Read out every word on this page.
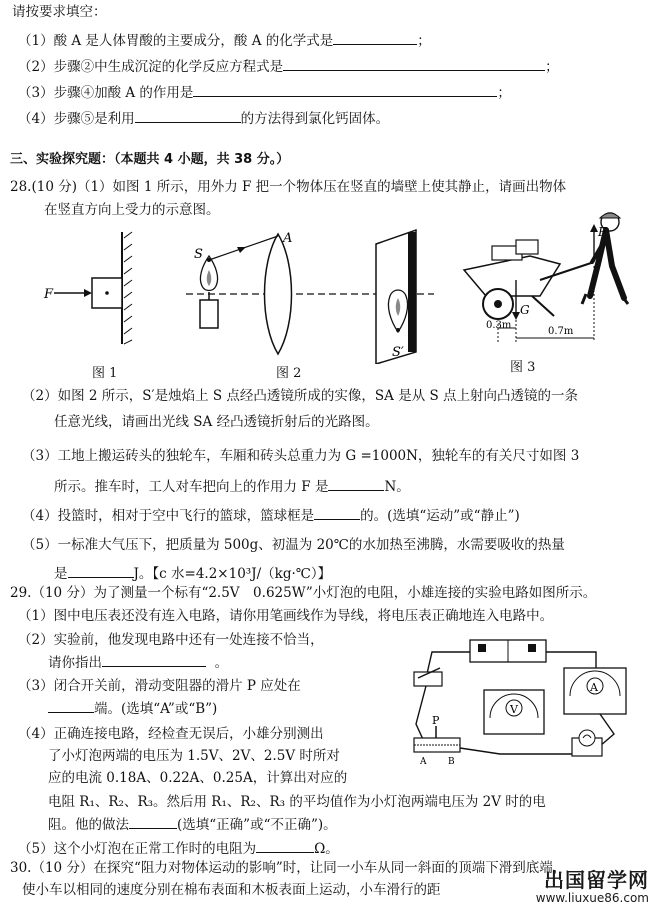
请按要求填空：
（1）酸 A 是人体胃酸的主要成分，酸 A 的化学式是	；
（2）步骤②中生成沉淀的化学反应方程式是	；
（3）步骤④加酸 A 的作用是	；
（4）步骤⑤是利用	的方法得到氯化钙固体。
三、实验探究题：（本题共 4 小题，共 38 分。）
28.(10 分)（1）如图 1 所示，用外力 F 把一个物体压在竖直的墙壁上使其静止，请画出物体
在竖直方向上受力的示意图。
F
图 1
S
A
S′
图 2
G
F
0.3m
0.7m
图 3
（2）如图 2 所示，S′是烛焰上 S 点经凸透镜所成的实像，SA 是从 S 点上射向凸透镜的一条
任意光线，请画出光线 SA 经凸透镜折射后的光路图。
（3）工地上搬运砖头的独轮车，车厢和砖头总重力为 G =1000N，独轮车的有关尺寸如图 3
所示。推车时，工人对车把向上的作用力 F 是	N。
（4）投篮时，相对于空中飞行的篮球，篮球框是	的。(选填“运动”或“静止”)
（5）一标准大气压下，把质量为 500g、初温为 20℃的水加热至沸腾，水需要吸收的热量
是	J。【c 水=4.2×10³J/（kg·℃）】
29.（10 分）为了测量一个标有“2.5V　0.625W”小灯泡的电阻，小雄连接的实验电路如图所示。
（1）图中电压表还没有连入电路，请你用笔画线作为导线，将电压表正确地连入电路中。
（2）实验前，他发现电路中还有一处连接不恰当，
请你指出	。
（3）闭合开关前，滑动变阻器的滑片 P 应处在
端。(选填“A”或“B”)
（4）正确连接电路，经检查无误后，小雄分别测出
了小灯泡两端的电压为 1.5V、2V、2.5V 时所对
应的电流 0.18A、0.22A、0.25A，计算出对应的
电阻 R₁、R₂、R₃。然后用 R₁、R₂、R₃ 的平均值作为小灯泡两端电压为 2V 时的电
阻。他的做法	(选填“正确”或“不正确”)。
（5）这个小灯泡在正常工作时的电阻为	Ω。
A
V
P
A B
30.（10 分）在探究“阻力对物体运动的影响”时，让同一小车从同一斜面的顶端下滑到底端，
使小车以相同的速度分别在棉布表面和木板表面上运动，小车滑行的距	出国留学网
www.liuxue86.com
